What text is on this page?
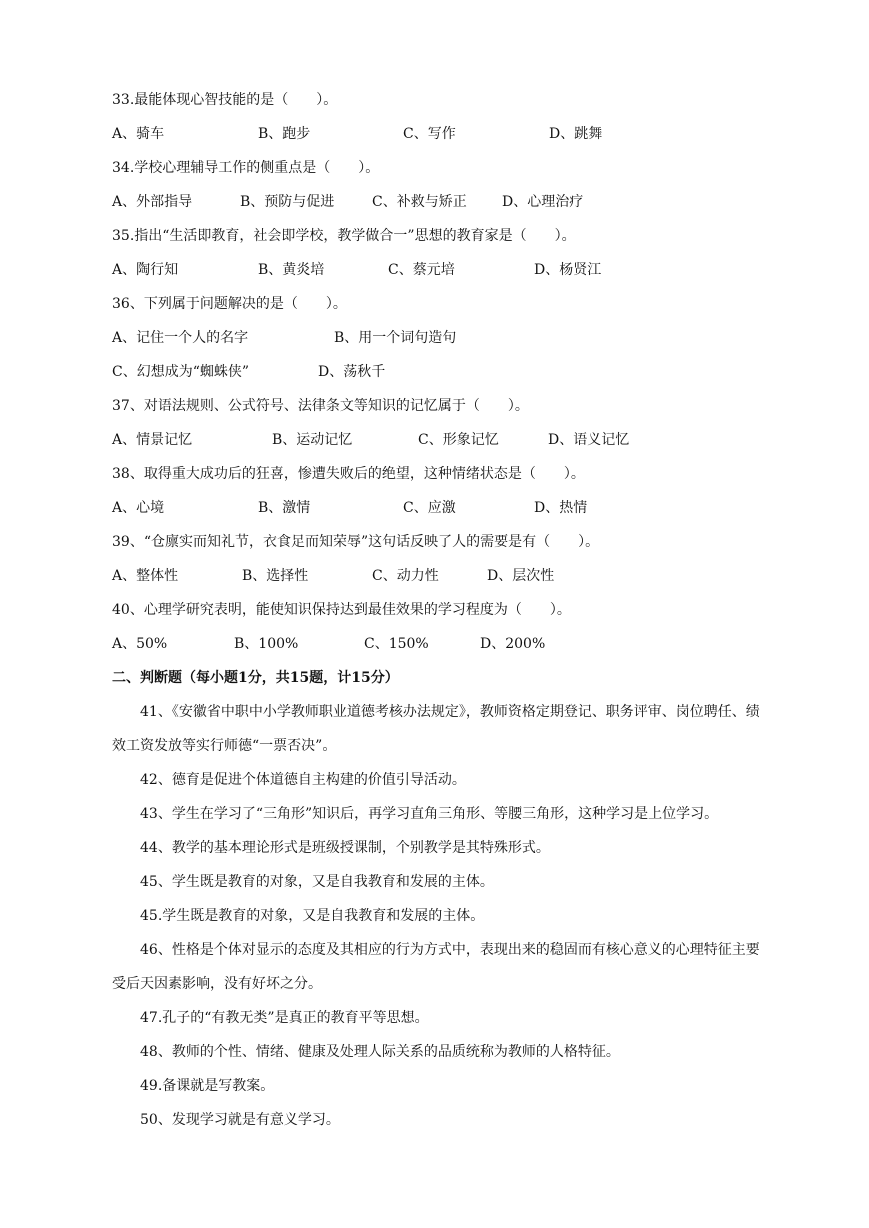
33.最能体现心智技能的是（　　）。
A、骑车	B、跑步	C、写作	D、跳舞
34.学校心理辅导工作的侧重点是（　　）。
A、外部指导	B、预防与促进	C、补救与矫正	D、心理治疗
35.指出“生活即教育，社会即学校，教学做合一”思想的教育家是（　　）。
A、陶行知	B、黄炎培	C、蔡元培	D、杨贤江
36、下列属于问题解决的是（　　）。
A、记住一个人的名字	B、用一个词句造句
C、幻想成为“蜘蛛侠”	D、荡秋千
37、对语法规则、公式符号、法律条文等知识的记忆属于（　　）。
A、情景记忆	B、运动记忆	C、形象记忆	D、语义记忆
38、取得重大成功后的狂喜，惨遭失败后的绝望，这种情绪状态是（　　）。
A、心境	B、激情	C、应激	D、热情
39、“仓廪实而知礼节，衣食足而知荣辱”这句话反映了人的需要是有（　　）。
A、整体性	B、选择性	C、动力性	D、层次性
40、心理学研究表明，能使知识保持达到最佳效果的学习程度为（　　）。
A、50%	B、100%	C、150%	D、200%
二、判断题（每小题1分，共15题，计15分）
41、《安徽省中职中小学教师职业道德考核办法规定》，教师资格定期登记、职务评审、岗位聘任、绩
效工资发放等实行师德“一票否决”。
42、德育是促进个体道德自主构建的价值引导活动。
43、学生在学习了“三角形”知识后，再学习直角三角形、等腰三角形，这种学习是上位学习。
44、教学的基本理论形式是班级授课制，个别教学是其特殊形式。
45、学生既是教育的对象，又是自我教育和发展的主体。
45.学生既是教育的对象，又是自我教育和发展的主体。
46、性格是个体对显示的态度及其相应的行为方式中，表现出来的稳固而有核心意义的心理特征主要
受后天因素影响，没有好坏之分。
47.孔子的“有教无类”是真正的教育平等思想。
48、教师的个性、情绪、健康及处理人际关系的品质统称为教师的人格特征。
49.备课就是写教案。
50、发现学习就是有意义学习。
